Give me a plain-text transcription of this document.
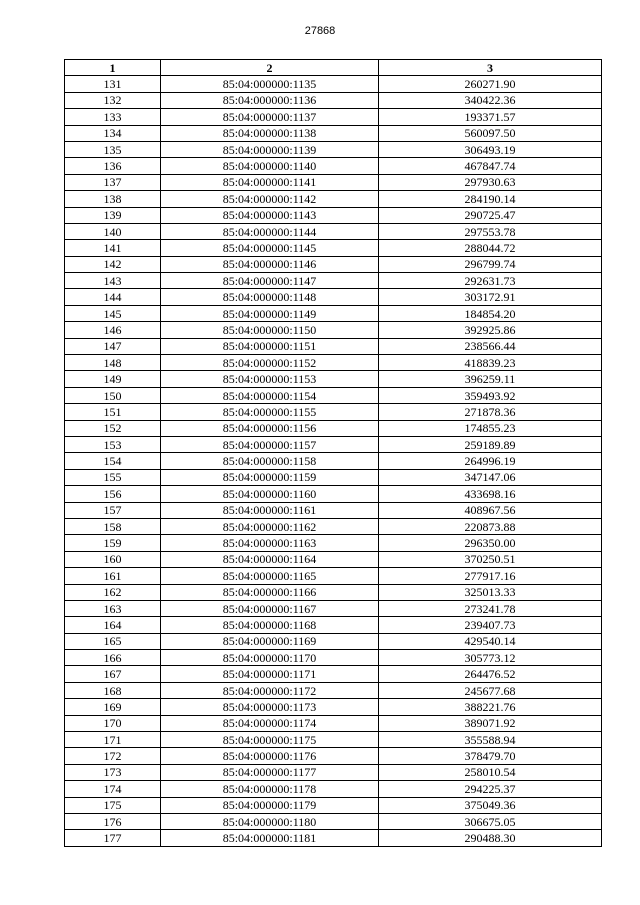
27868
1	2	3
131	85:04:000000:1135	260271.90
132	85:04:000000:1136	340422.36
133	85:04:000000:1137	193371.57
134	85:04:000000:1138	560097.50
135	85:04:000000:1139	306493.19
136	85:04:000000:1140	467847.74
137	85:04:000000:1141	297930.63
138	85:04:000000:1142	284190.14
139	85:04:000000:1143	290725.47
140	85:04:000000:1144	297553.78
141	85:04:000000:1145	288044.72
142	85:04:000000:1146	296799.74
143	85:04:000000:1147	292631.73
144	85:04:000000:1148	303172.91
145	85:04:000000:1149	184854.20
146	85:04:000000:1150	392925.86
147	85:04:000000:1151	238566.44
148	85:04:000000:1152	418839.23
149	85:04:000000:1153	396259.11
150	85:04:000000:1154	359493.92
151	85:04:000000:1155	271878.36
152	85:04:000000:1156	174855.23
153	85:04:000000:1157	259189.89
154	85:04:000000:1158	264996.19
155	85:04:000000:1159	347147.06
156	85:04:000000:1160	433698.16
157	85:04:000000:1161	408967.56
158	85:04:000000:1162	220873.88
159	85:04:000000:1163	296350.00
160	85:04:000000:1164	370250.51
161	85:04:000000:1165	277917.16
162	85:04:000000:1166	325013.33
163	85:04:000000:1167	273241.78
164	85:04:000000:1168	239407.73
165	85:04:000000:1169	429540.14
166	85:04:000000:1170	305773.12
167	85:04:000000:1171	264476.52
168	85:04:000000:1172	245677.68
169	85:04:000000:1173	388221.76
170	85:04:000000:1174	389071.92
171	85:04:000000:1175	355588.94
172	85:04:000000:1176	378479.70
173	85:04:000000:1177	258010.54
174	85:04:000000:1178	294225.37
175	85:04:000000:1179	375049.36
176	85:04:000000:1180	306675.05
177	85:04:000000:1181	290488.30
